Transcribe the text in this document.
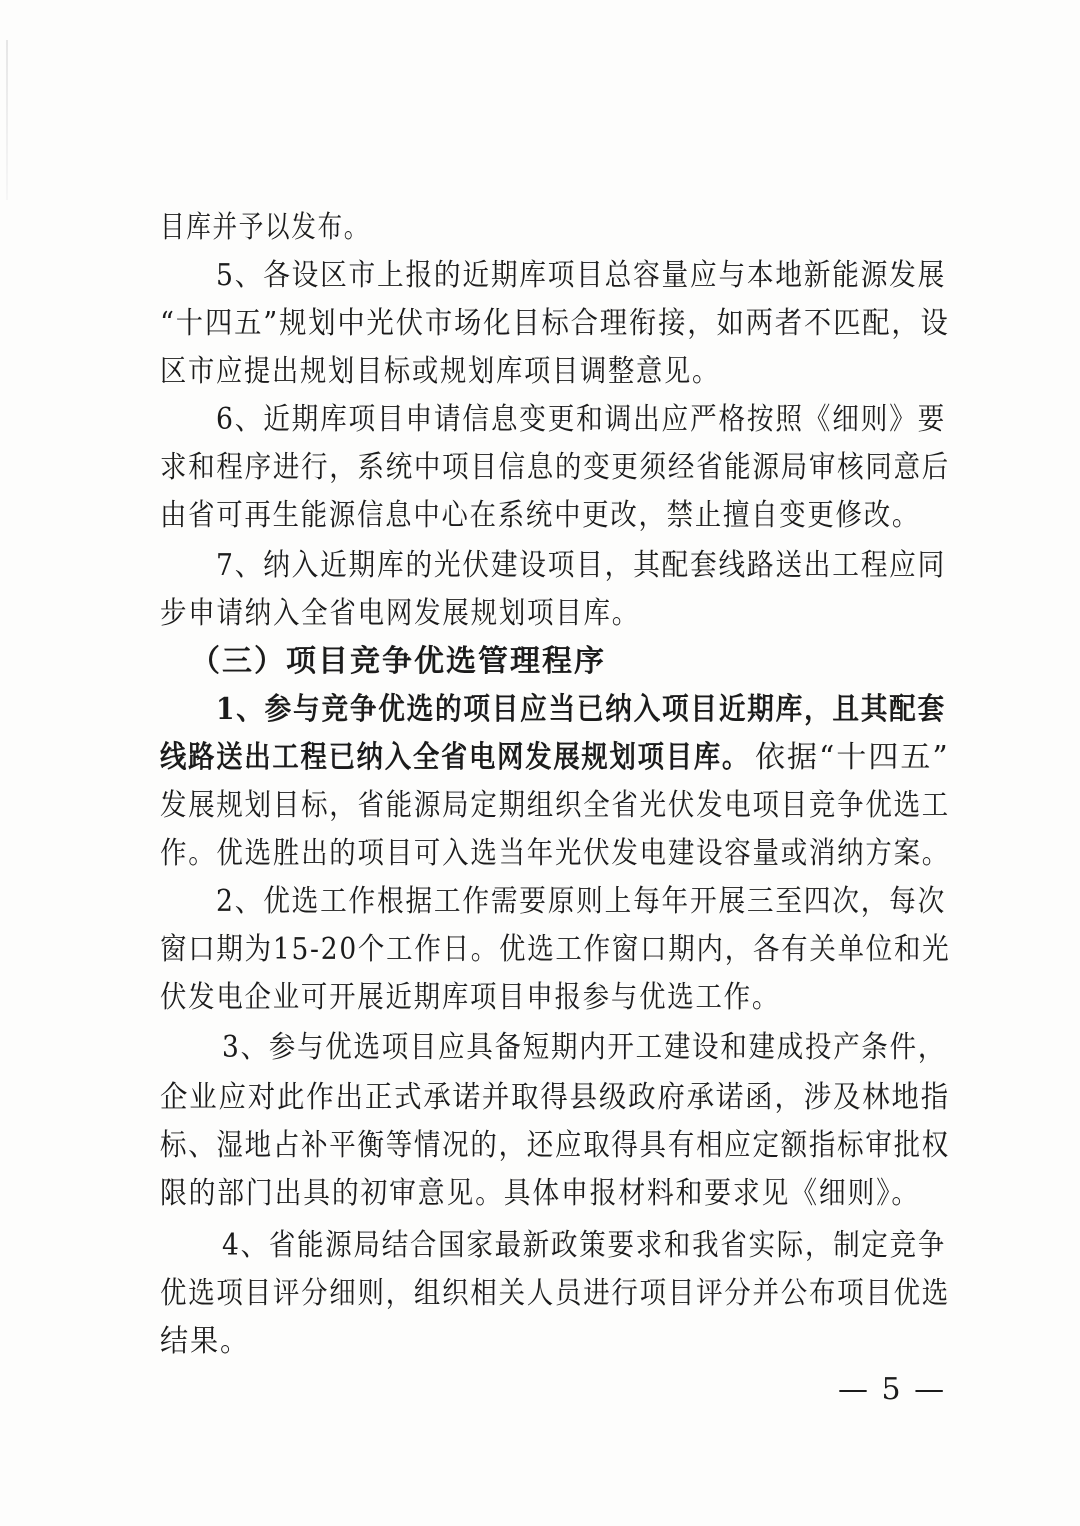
目库并予以发布。
5、各设区市上报的近期库项目总容量应与本地新能源发展
“十四五”规划中光伏市场化目标合理衔接，如两者不匹配，设
区市应提出规划目标或规划库项目调整意见。
6、近期库项目申请信息变更和调出应严格按照《细则》要
求和程序进行，系统中项目信息的变更须经省能源局审核同意后
由省可再生能源信息中心在系统中更改，禁止擅自变更修改。
7、纳入近期库的光伏建设项目，其配套线路送出工程应同
步申请纳入全省电网发展规划项目库。
（三）项目竞争优选管理程序
1、参与竞争优选的项目应当已纳入项目近期库，且其配套
线路送出工程已纳入全省电网发展规划项目库。 依据“十四五”
发展规划目标，省能源局定期组织全省光伏发电项目竞争优选工
作。优选胜出的项目可入选当年光伏发电建设容量或消纳方案。
2、优选工作根据工作需要原则上每年开展三至四次，每次
窗口期为15-20个工作日。优选工作窗口期内，各有关单位和光
伏发电企业可开展近期库项目申报参与优选工作。
3、参与优选项目应具备短期内开工建设和建成投产条件，
企业应对此作出正式承诺并取得县级政府承诺函，涉及林地指
标、湿地占补平衡等情况的，还应取得具有相应定额指标审批权
限的部门出具的初审意见。具体申报材料和要求见《细则》。
4、省能源局结合国家最新政策要求和我省实际，制定竞争
优选项目评分细则，组织相关人员进行项目评分并公布项目优选
结果。
— 5 —
